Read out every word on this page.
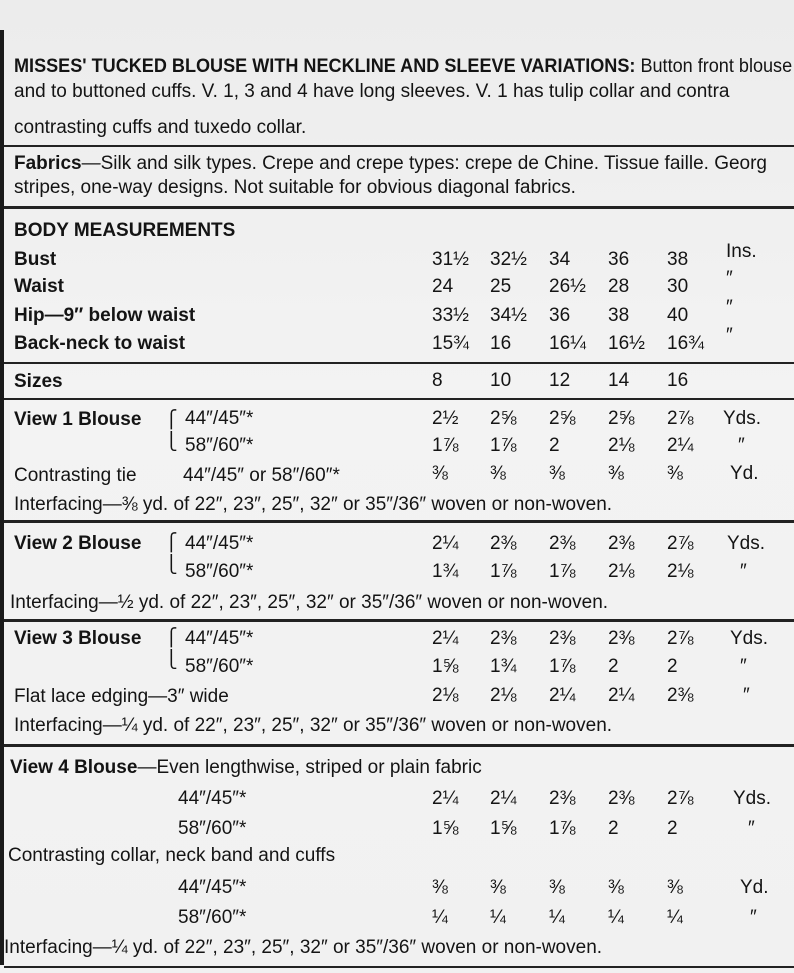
MISSES' TUCKED BLOUSE WITH NECKLINE AND SLEEVE VARIATIONS: Button front blouse
and to buttoned cuffs. V. 1, 3 and 4 have long sleeves. V. 1 has tulip collar and contra
contrasting cuffs and tuxedo collar.
Fabrics—Silk and silk types. Crepe and crepe types: crepe de Chine. Tissue faille. Georg
stripes, one-way designs. Not suitable for obvious diagonal fabrics.
BODY MEASUREMENTS
Bust	31½ 32½ 34 36 38 Ins.
Waist	24 25 26½ 28 30 ″
Hip—9″ below waist	33½ 34½ 36 38 40 ″
Back-neck to waist	15¾ 16 16¼ 16½ 16¾ ″
Sizes	8 10 12 14 16
View 1 Blouse ⎧
⎩
44″/45″*	2½ 2⅝ 2⅝ 2⅝ 2⅞ Yds.
58″/60″*	1⅞ 1⅞ 2	2⅛ 2¼ ″
Contrasting tie 44″/45″ or 58″/60″*	⅜ ⅜ ⅜ ⅜ ⅜ Yd.
Interfacing—⅜ yd. of 22″, 23″, 25″, 32″ or 35″/36″ woven or non-woven.
View 2 Blouse ⎧
⎩
44″/45″*	2¼ 2⅜ 2⅜ 2⅜ 2⅞ Yds.
58″/60″*	1¾ 1⅞ 1⅞ 2⅛ 2⅛ ″
Interfacing—½ yd. of 22″, 23″, 25″, 32″ or 35″/36″ woven or non-woven.
View 3 Blouse ⎧
⎩
44″/45″*	2¼ 2⅜ 2⅜ 2⅜ 2⅞ Yds.
58″/60″*	1⅝ 1¾ 1⅞ 2	2	″
Flat lace edging—3″ wide	2⅛ 2⅛ 2¼ 2¼ 2⅜	″
Interfacing—¼ yd. of 22″, 23″, 25″, 32″ or 35″/36″ woven or non-woven.
View 4 Blouse—Even lengthwise, striped or plain fabric
44″/45″*	2¼ 2¼ 2⅜ 2⅜ 2⅞ Yds.
58″/60″*	1⅝ 1⅝ 1⅞ 2	2	″
Contrasting collar, neck band and cuffs
44″/45″*	⅜ ⅜ ⅜ ⅜ ⅜	Yd.
58″/60″*	¼ ¼ ¼ ¼ ¼	″
Interfacing—¼ yd. of 22″, 23″, 25″, 32″ or 35″/36″ woven or non-woven.
